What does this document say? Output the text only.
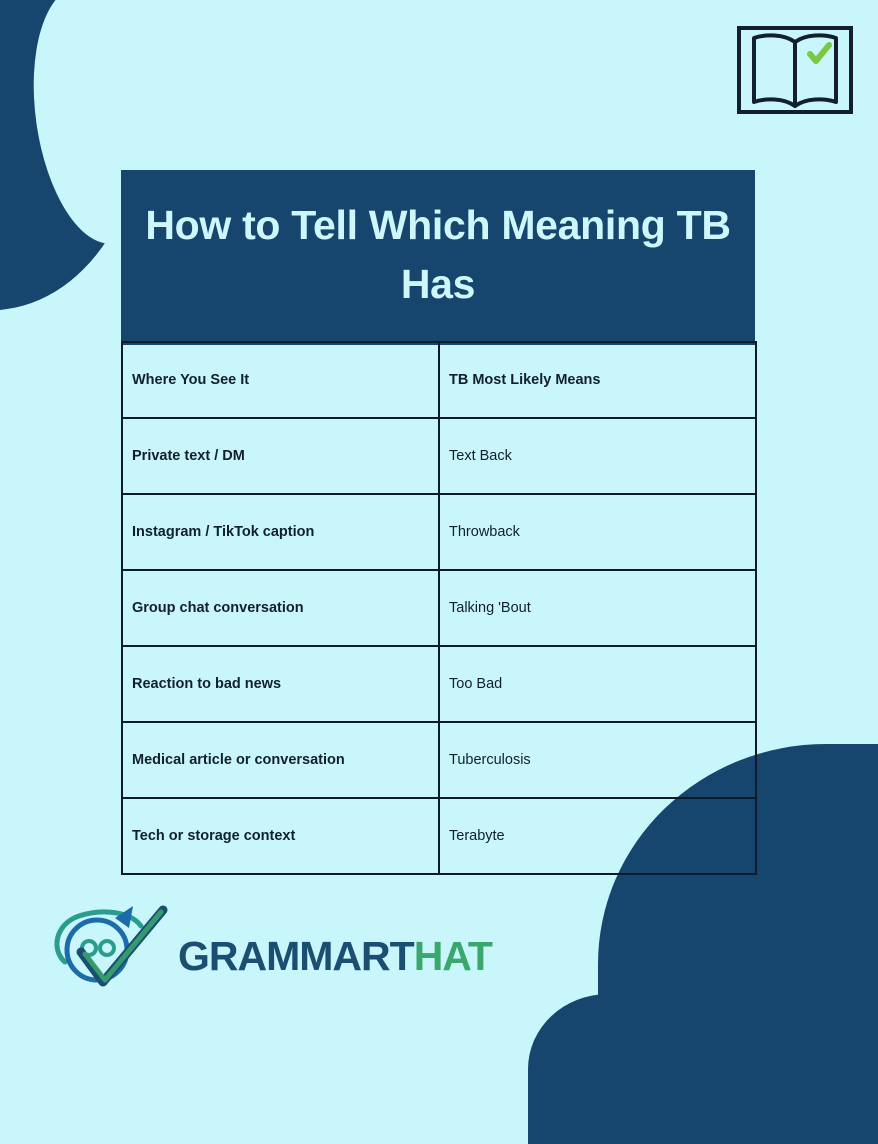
How to Tell Which Meaning TB Has
Where You See It	TB Most Likely Means
Private text / DM	Text Back
Instagram / TikTok caption	Throwback
Group chat conversation	Talking 'Bout
Reaction to bad news	Too Bad
Medical article or conversation	Tuberculosis
Tech or storage context	Terabyte
GRAMMARTHAT
